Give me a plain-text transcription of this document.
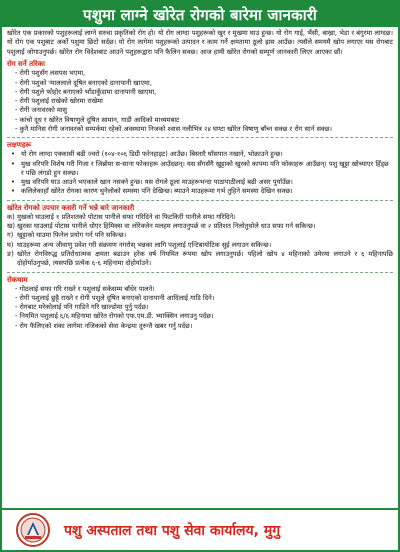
पशुमा लाग्ने खोरेत रोगको बारेमा जानकारी

खोरेत एक प्रकारको पशुहरूलाई लाग्ने सरुवा प्रकृतिको रोग हो। यो रोग लाग्दा पशुहरूको खुर र मुखमा घाउ हुन्छ। यो रोग गाई, भैंसी, बाख्रा, भेडा र बंगुरमा लाग्दछ। यो रोग एक पशुबाट अर्को पशुमा छिटो सर्दछ। यो रोग लागेमा पशुहरूको उत्पादन र काम गर्ने क्षमतामा ठूलो ह्रास आउँछ। त्यसैले समयमै खोप लगाएर यस रोगबाट पशुलाई जोगाउनुपर्छ। खोरेत रोग विदेशबाट आउने पशुहरूद्वारा पनि फैलिन सक्छ। आज हामी खोरेत रोगको सम्पूर्ण जानकारी लिएर आएका छौं।

रोग सर्ने तरिका
- रोगी पशुसँग लसपस भएमा,
- रोगी पशुको ऱ्याललाले दूषित बनाएको दानापानी खाएमा,
- रोगी पशुले फोहोर बनाएको भाँडाकुँडामा दानापानी खाएमा,
- रोगी पशुलाई राखेको खोरमा राखेमा
- रोगी जनावरको मासु
- कांचो दूध र खोरेत विषाणुले दूषित सामान, गाडी आदिको माध्यमबाट
- कुनै मानिस रोगी जनावरको सम्पर्कमा रहेको अवस्थामा निजको श्वास नलीभित्र २४ घण्टा खोरेत विषाणु बाँच्न सक्छ र रोग सार्न सक्छ।
लक्षणहरू
• यो रोग लाग्दा एक्कासी बढी ज्वरो (१०४-१०६ डिग्री फरेनहाइट) आउँछ। बिस्तारै घाँसपात नखाने, भोक्राउने हुन्छ।
• मुख वरिपरि विशेष गरी गिजा र जिब्रोमा स-साना फोकाहरू आउँदछन्। यस सँगसँगै खुट्टाको खुरको कापमा पनि फोकाहरू आउँछन्। पशु खुट्टा खोच्याएर हिँड्छ र पछि लंगडो हुन सक्छ।
• मुख वरिपरि घाउ आउने भएकाले खान नसक्ने हुन्छ। यस रोगले ठूला माउहरूभन्दा पाठापाठीलाई बढी असर पुर्याउँछ।
• कलिलेकाहाँ खोरेत रोगका कारण थुनेलोको समस्या पनि देखिन्छ। ब्याउने माउहरूमा गर्भ तुहिने समस्या देखिन सक्छ।
खोरेत रोगको उपचार कसरी गर्ने भन्ने बारे जानकारी
क) मुखको घाउलाई १ प्रतिशतको पोटास पानीले सफा गरिदिने वा फिटकिरी पानीले सफा गरिदिने।
ख) खुरका घाउलाई पोटास पानीले धोएर हिमिक्स वा लोरेक्जेन मलहम लगाउनुपर्छ वा २ प्रतिशत निलोतुथोले धाउ सफा गर्न सकिन्छ।
ग) खुट्टाको घाउमा फिनेल प्रयोग गर्न पनि सकिन्छ।
घ) घाउहरूमा अन्य जीवाणु प्रवेश गरी संक्रमण नगरोस् भन्नका लागि पशुलाई एन्टिबायोटिक सुई लगाउन सकिन्छ।
ङ) खोरेत रोगविरुद्ध प्रतिरोधात्मक क्षमता बढाउन हरेक वर्ष नियमित रूपमा खोप लगाउनुपर्छ। पहिलो खोप ४ महिनाको उमेरमा लगाउने र ६ महिनापछि दोहोर्याउनुपर्छ, त्यसपछि प्रत्येक ६-६ महिनामा दोहोर्याउने।
रोकथाम
- गोठलाई सफा गरि राख्ने र पशुलाई सकेसम्म बाँधेर पालने।
- रोगी पशुलाई छुट्टै राख्ने र रोगी पशुले दूषित बनाएको दानापानी आदिलाई गाडि दिने।
- रोगबाट मरेकोलाई पनि गाडिने गरि खाल्डोमा पुर्नु पर्दछ।
- नियमित पशुलाई ६/६ महिनामा खोरेत रोगको एफ.एम.डी. भ्याक्सिन लगाउनु पर्दछ।
- रोग फैलिएको शंका लागेमा नजिकको सेवा केन्द्रमा तुरुन्तै खबर गर्नु पर्दछ।
पशु अस्पताल तथा पशु सेवा कार्यालय, मुगु
